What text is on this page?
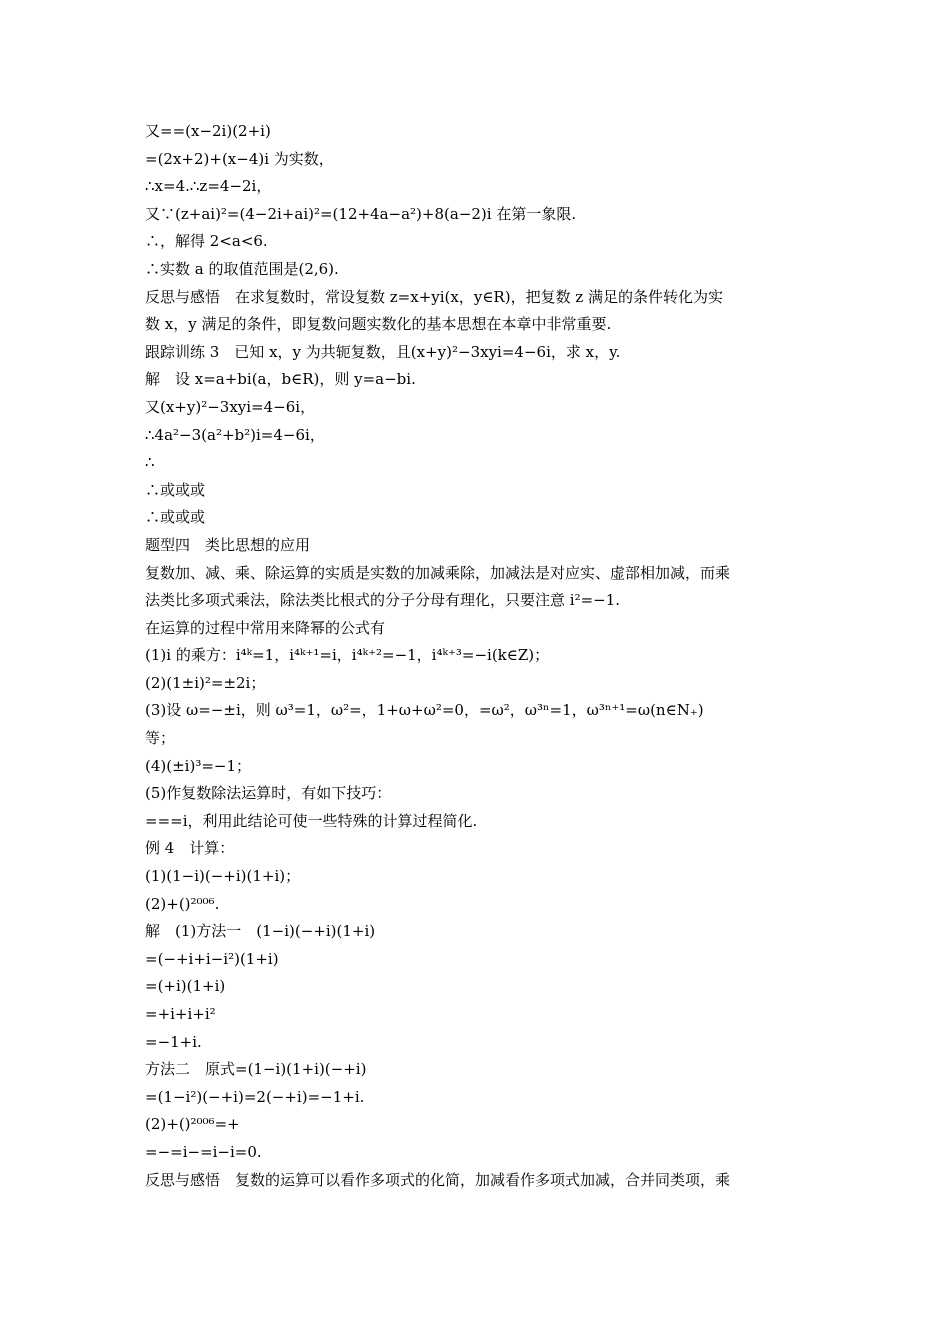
又==(x−2i)(2+i)
=(2x+2)+(x−4)i 为实数，
∴x=4.∴z=4−2i，
又∵(z+ai)²=(4−2i+ai)²=(12+4a−a²)+8(a−2)i 在第一象限.
∴，解得 2<a<6.
∴实数 a 的取值范围是(2,6).
反思与感悟　在求复数时，常设复数 z=x+yi(x，y∈R)，把复数 z 满足的条件转化为实
数 x，y 满足的条件，即复数问题实数化的基本思想在本章中非常重要.
跟踪训练 3　已知 x，y 为共轭复数，且(x+y)²−3xyi=4−6i，求 x，y.
解　设 x=a+bi(a，b∈R)，则 y=a−bi.
又(x+y)²−3xyi=4−6i，
∴4a²−3(a²+b²)i=4−6i，
∴
∴或或或
∴或或或
题型四　类比思想的应用
复数加、减、乘、除运算的实质是实数的加减乘除，加减法是对应实、虚部相加减，而乘
法类比多项式乘法，除法类比根式的分子分母有理化，只要注意 i²=−1.
在运算的过程中常用来降幂的公式有
(1)i 的乘方：i⁴ᵏ=1，i⁴ᵏ⁺¹=i，i⁴ᵏ⁺²=−1，i⁴ᵏ⁺³=−i(k∈Z)；
(2)(1±i)²=±2i；
(3)设 ω=−±i，则 ω³=1，ω²=，1+ω+ω²=0，=ω²，ω³ⁿ=1，ω³ⁿ⁺¹=ω(n∈N₊)
等；
(4)(±i)³=−1；
(5)作复数除法运算时，有如下技巧：
===i，利用此结论可使一些特殊的计算过程简化.
例 4　计算：
(1)(1−i)(−+i)(1+i)；
(2)+()²⁰⁰⁶.
解　(1)方法一　(1−i)(−+i)(1+i)
=(−+i+i−i²)(1+i)
=(+i)(1+i)
=+i+i+i²
=−1+i.
方法二　原式=(1−i)(1+i)(−+i)
=(1−i²)(−+i)=2(−+i)=−1+i.
(2)+()²⁰⁰⁶=+
=−=i−=i−i=0.
反思与感悟　复数的运算可以看作多项式的化简，加减看作多项式加减，合并同类项，乘
